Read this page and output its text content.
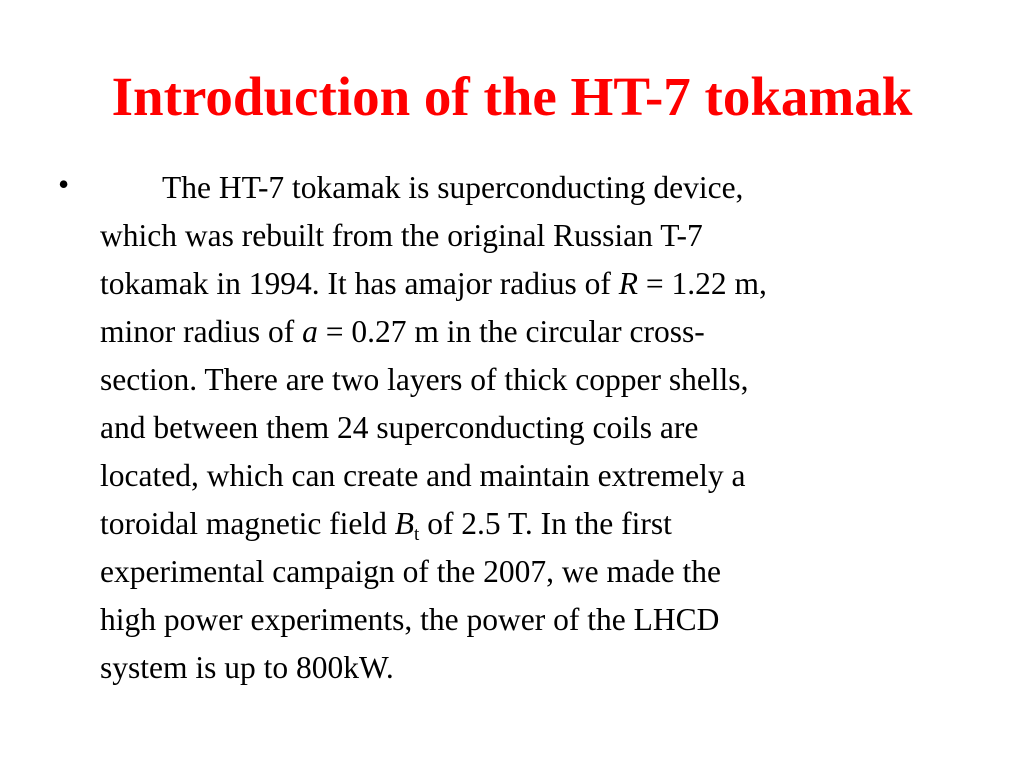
Introduction of the HT-7 tokamak
•	The HT-7 tokamak is superconducting device,
which was rebuilt from the original Russian T-7
tokamak in 1994. It has amajor radius of R = 1.22 m,
minor radius of a = 0.27 m in the circular cross-
section. There are two layers of thick copper shells,
and between them 24 superconducting coils are
located, which can create and maintain extremely a
toroidal magnetic field $B_t$ of 2.5 T. In the first
experimental campaign of the 2007, we made the
high power experiments, the power of the LHCD
system is up to 800kW.
